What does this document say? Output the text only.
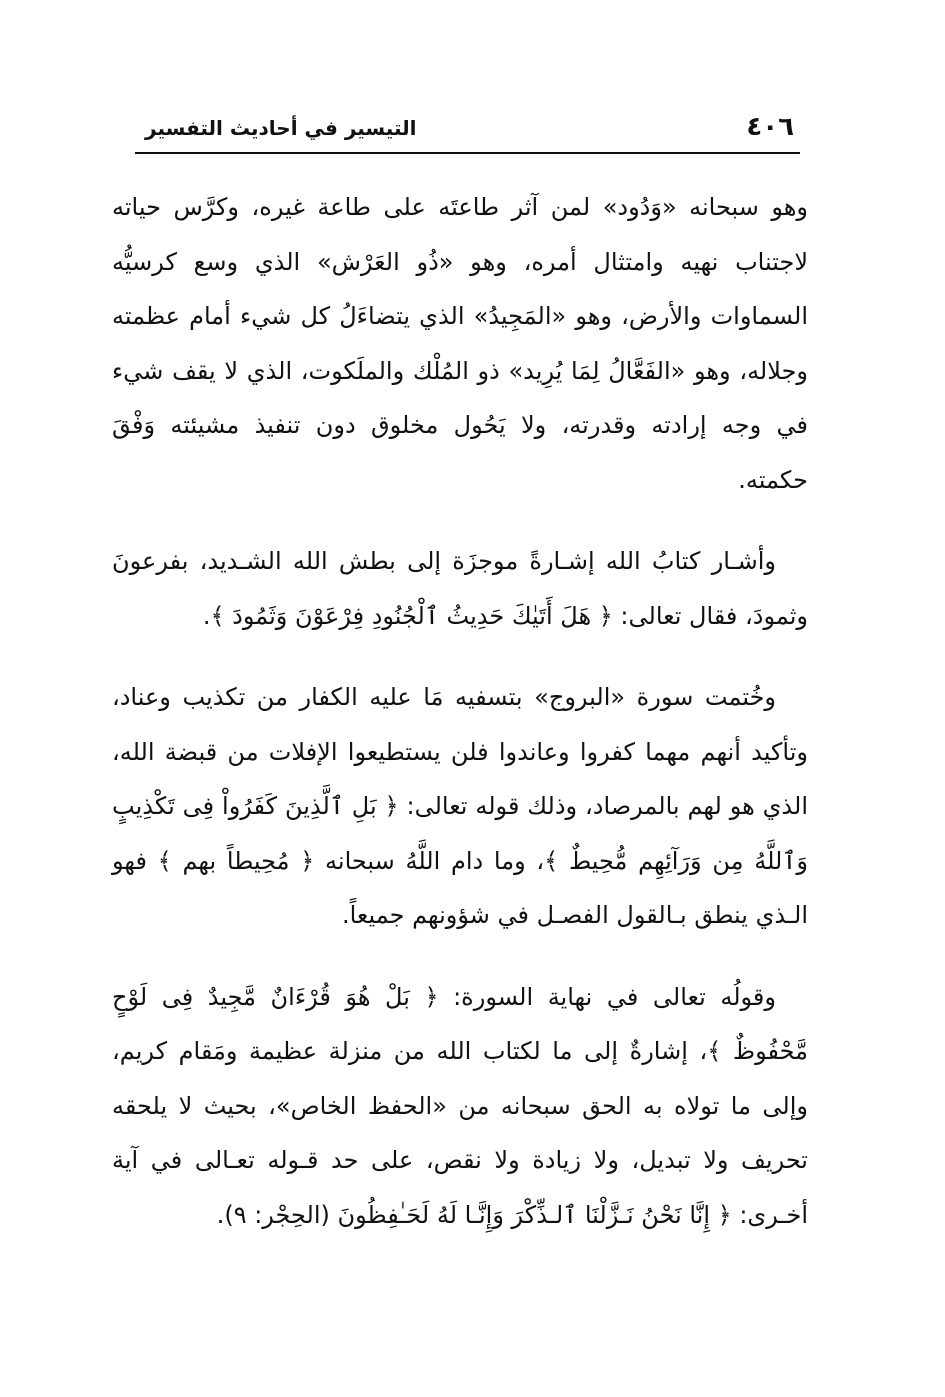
٤٠٦
التيسير في أحاديث التفسير

وهو سبحانه «وَدُود» لمن آثر طاعتَه على طاعة غيره، وكرَّس حياته لاجتناب نهيه وامتثال أمره، وهو «ذُو العَرْش» الذي وسع كرسيُّه السماوات والأرض، وهو «المَجِيدُ» الذي يتضاءَلُ كل شيء أمام عظمته وجلاله، وهو «الفَعَّالُ لِمَا يُرِيد» ذو المُلْك والملَكوت، الذي لا يقف شيء في وجه إرادته وقدرته، ولا يَحُول مخلوق دون تنفيذ مشيئته وَفْقَ حكمته.

وأشـار كتابُ الله إشـارةً موجزَة إلى بطش الله الشـديد، بفرعونَ وثمودَ، فقال تعالى: ﴿ هَلَ أَتَيٰكَ حَدِيثُ ٱلْجُنُودِ فِرْعَوْنَ وَثَمُودَ ﴾.

وخُتمت سورة «البروج» بتسفيه مَا عليه الكفار من تكذيب وعناد، وتأكيد أنهم مهما كفروا وعاندوا فلن يستطيعوا الإفلات من قبضة الله، الذي هو لهم بالمرصاد، وذلك قوله تعالى: ﴿ بَلِ ٱلَّذِينَ كَفَرُواْ فِى تَكْذِيبٍ وَٱللَّهُ مِن وَرَآئِهِم مُّحِيطٌ ﴾، وما دام اللَّهُ سبحانه ﴿ مُحِيطاً بهم ﴾ فهو الـذي ينطق بـالقول الفصـل في شؤونهم جميعاً.

وقولُه تعالى في نهاية السورة: ﴿ بَلْ هُوَ قُرْءَانٌ مَّجِيدٌ فِى لَوْحٍ مَّحْفُوظٌ ﴾، إشارةٌ إلى ما لكتاب الله من منزلة عظيمة ومَقام كريم، وإلى ما تولاه به الحق سبحانه من «الحفظ الخاص»، بحيث لا يلحقه تحريف ولا تبديل، ولا زيادة ولا نقص، على حد قـوله تعـالى في آية أخـرى: ﴿ إِنَّا نَحْنُ نَـزَّلْنَا ٱلـذِّكْرَ وَإِنَّـا لَهُ لَحَـٰفِظُونَ (الحِجْر: ٩).
